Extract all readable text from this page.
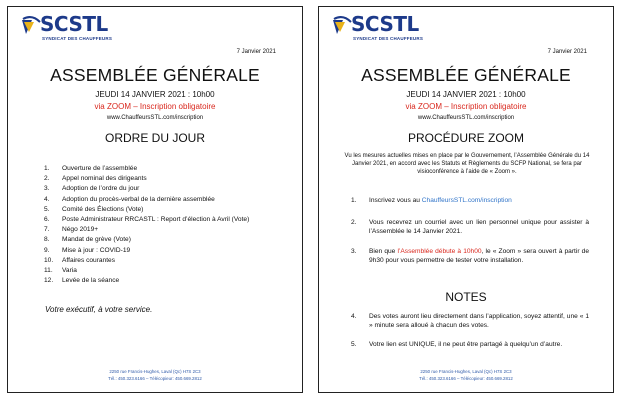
SCSTL
SYNDICAT DES CHAUFFEURS
7 Janvier 2021
ASSEMBLÉE GÉNÉRALE
JEUDI 14 JANVIER 2021 : 10h00
via ZOOM – Inscription obligatoire
www.ChauffeursSTL.com/inscription
ORDRE DU JOUR
1.	Ouverture de l’assemblée
2.	Appel nominal des dirigeants
3.	Adoption de l’ordre du jour
4.	Adoption du procès-verbal de la dernière assemblée
5.	Comité des Élections (Vote)
6.	Poste Administrateur RRCASTL : Report d’élection à Avril (Vote)
7.	Négo 2019+
8.	Mandat de grève (Vote)
9.	Mise à jour : COVID-19
10.	Affaires courantes
11.	Varia
12.	Levée de la séance
Votre exécutif, à votre service.
2250 rue Francis-Hughes, Laval (Qc) H7S 2C3
Tél.: 450.323.6166 – Télécopieur: 450.669.2812
SCSTL
SYNDICAT DES CHAUFFEURS
7 Janvier 2021
ASSEMBLÉE GÉNÉRALE
JEUDI 14 JANVIER 2021 : 10h00
via ZOOM – Inscription obligatoire
www.ChauffeursSTL.com/inscription
PROCÉDURE ZOOM
Vu les mesures actuelles mises en place par le Gouvernement, l’Assemblée Générale du 14 Janvier 2021, en accord avec les Statuts et Règlements du SCFP National, se fera par visioconférence à l’aide de « Zoom ».
1.	Inscrivez vous au ChauffeursSTL.com/inscription
2.	Vous recevrez un courriel avec un lien personnel unique pour assister à l’Assemblée le 14 Janvier 2021.
3.	Bien que l’Assemblée débute à 10h00, le « Zoom » sera ouvert à partir de 9h30 pour vous permettre de tester votre installation.
NOTES
4.	Des votes auront lieu directement dans l’application, soyez attentif, une « 1 » minute sera alloué à chacun des votes.
5.	Votre lien est UNIQUE, il ne peut être partagé à quelqu’un d’autre.
2250 rue Francis-Hughes, Laval (Qc) H7S 2C3
Tél.: 450.323.6166 – Télécopieur: 450.669.2812
